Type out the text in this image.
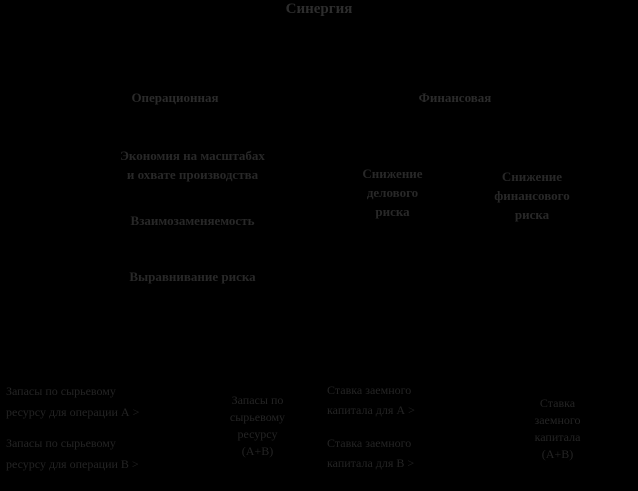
Синергия
Операционная	Финансовая
Экономия на масштабах
и охвате производства
Взаимозаменяемость
Выравнивание риска
Снижение
делового
риска
Снижение
финансового
риска
Запасы по сырьевому
ресурсу для операции А >
Запасы по сырьевому
ресурсу для операции В >
Запасы по
сырьевому
ресурсу
(А+В)
Ставка заемного
капитала для А >
Ставка заемного
капитала для В >
Ставка
заемного
капитала
(А+В)
